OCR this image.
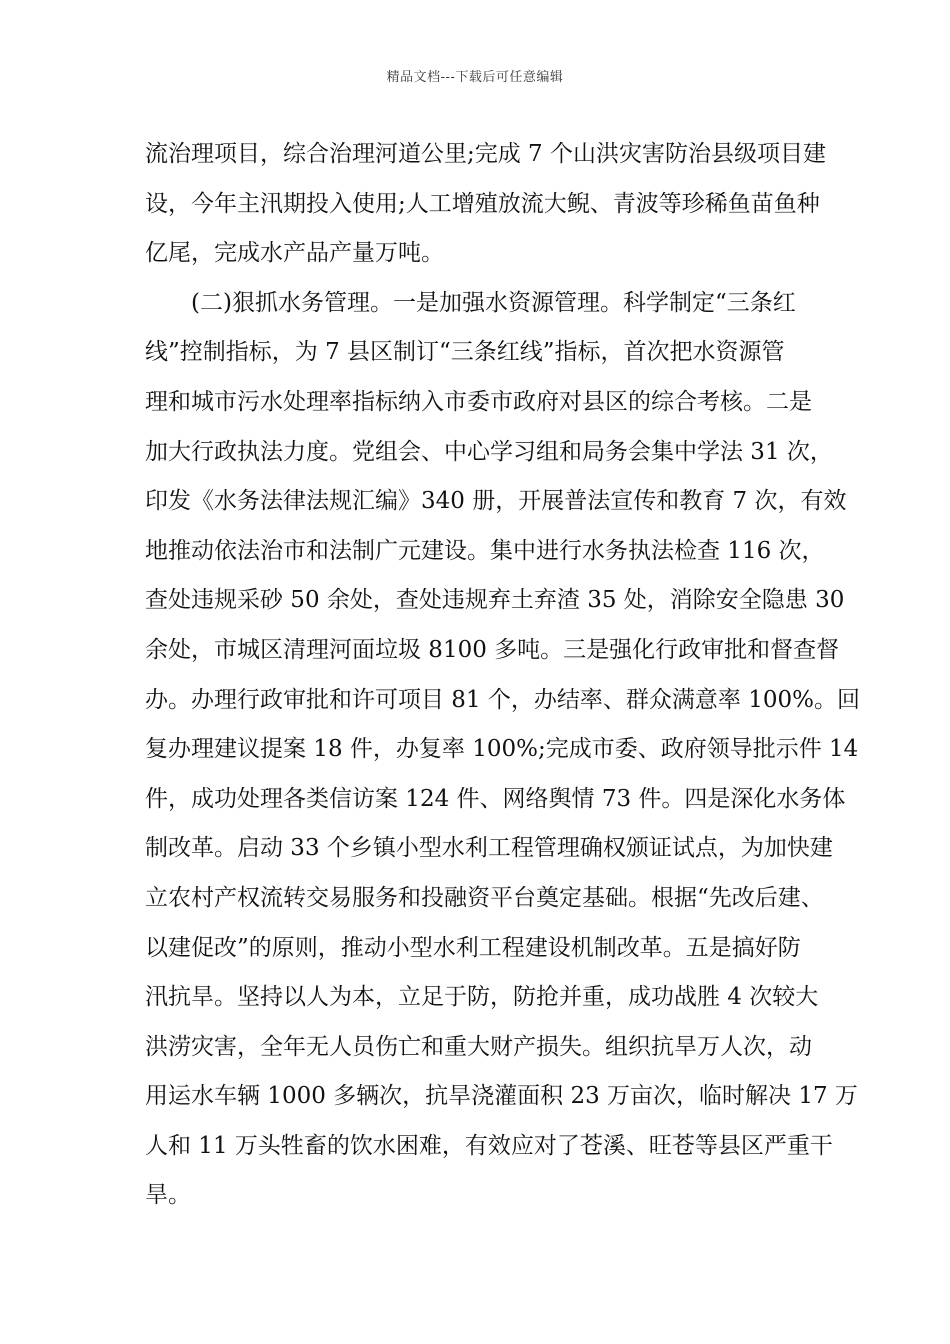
精品文档---下载后可任意编辑
流治理项目，综合治理河道公里;完成 7 个山洪灾害防治县级项目建
设，今年主汛期投入使用;人工增殖放流大鲵、青波等珍稀鱼苗鱼种
亿尾，完成水产品产量万吨。
　　(二)狠抓水务管理。一是加强水资源管理。科学制定“三条红
线”控制指标，为 7 县区制订“三条红线”指标，首次把水资源管
理和城市污水处理率指标纳入市委市政府对县区的综合考核。二是
加大行政执法力度。党组会、中心学习组和局务会集中学法 31 次，
印发《水务法律法规汇编》340 册，开展普法宣传和教育 7 次，有效
地推动依法治市和法制广元建设。集中进行水务执法检查 116 次，
查处违规采砂 50 余处，查处违规弃土弃渣 35 处，消除安全隐患 30
余处，市城区清理河面垃圾 8100 多吨。三是强化行政审批和督查督
办。办理行政审批和许可项目 81 个，办结率、群众满意率 100%。回
复办理建议提案 18 件，办复率 100%;完成市委、政府领导批示件 14
件，成功处理各类信访案 124 件、网络舆情 73 件。四是深化水务体
制改革。启动 33 个乡镇小型水利工程管理确权颁证试点，为加快建
立农村产权流转交易服务和投融资平台奠定基础。根据“先改后建、
以建促改”的原则，推动小型水利工程建设机制改革。五是搞好防
汛抗旱。坚持以人为本，立足于防，防抢并重，成功战胜 4 次较大
洪涝灾害，全年无人员伤亡和重大财产损失。组织抗旱万人次，动
用运水车辆 1000 多辆次，抗旱浇灌面积 23 万亩次，临时解决 17 万
人和 11 万头牲畜的饮水困难，有效应对了苍溪、旺苍等县区严重干
旱。
